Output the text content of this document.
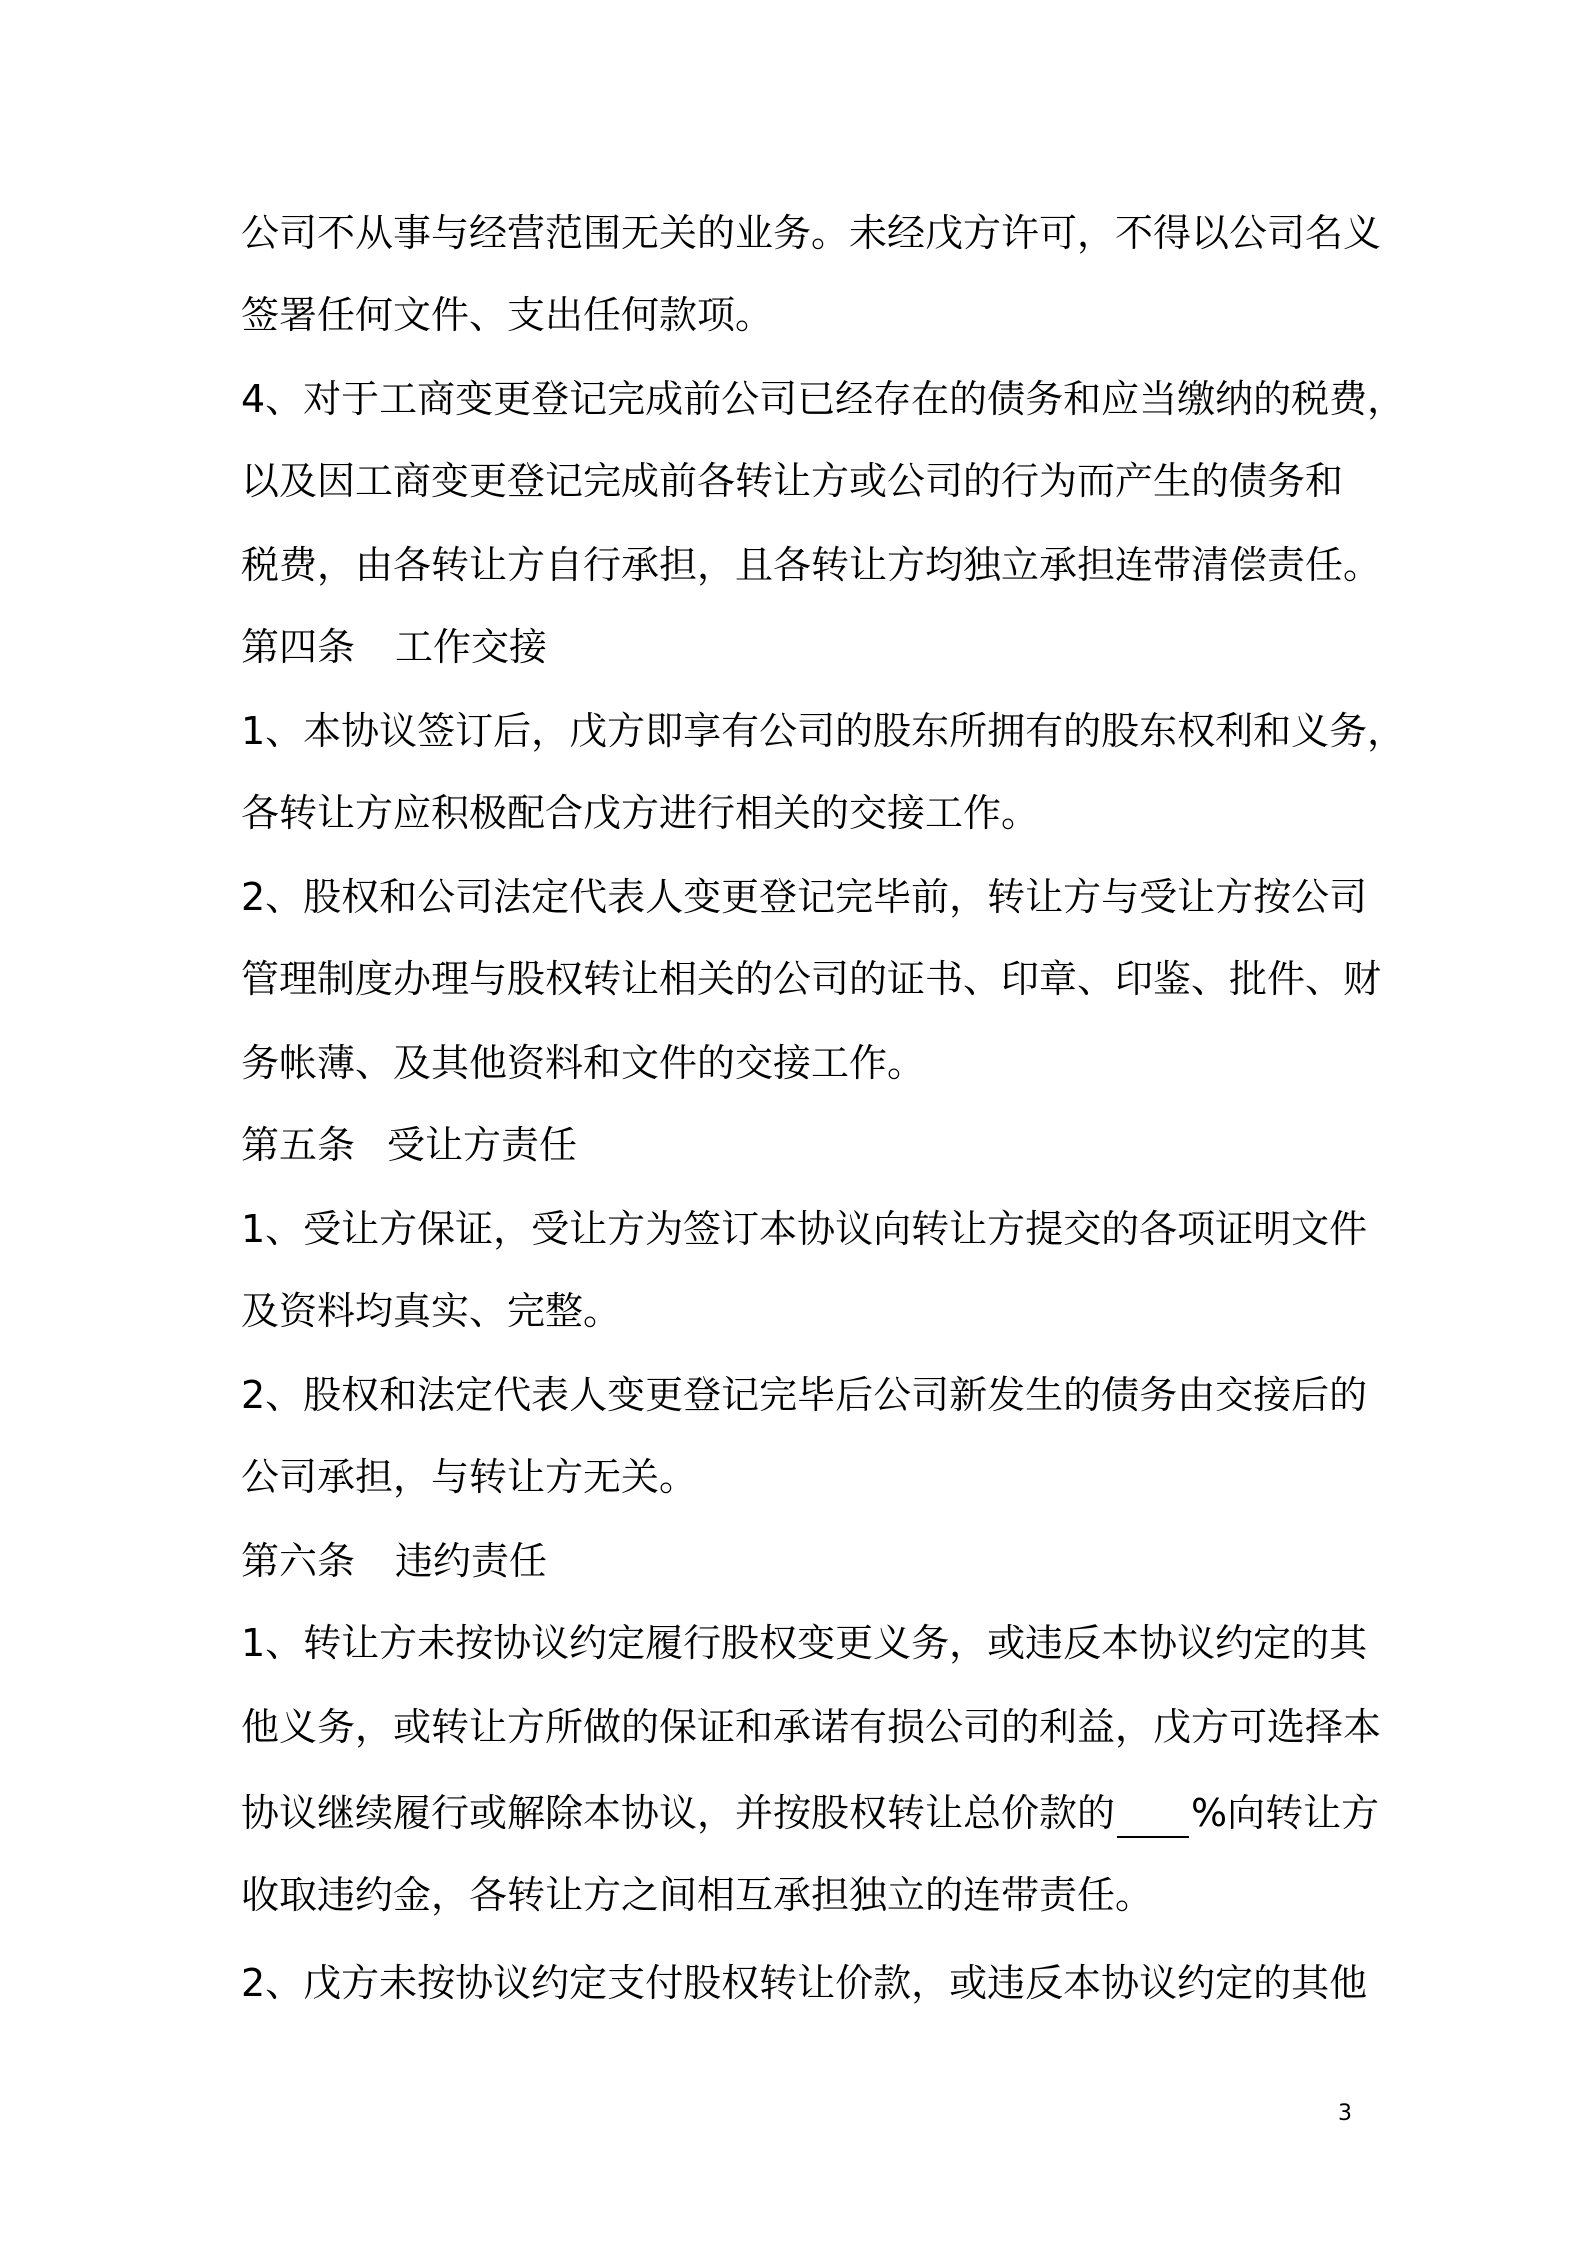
公司不从事与经营范围无关的业务。未经戊方许可，不得以公司名义
签署任何文件、支出任何款项。
4、对于工商变更登记完成前公司已经存在的债务和应当缴纳的税费，
以及因工商变更登记完成前各转让方或公司的行为而产生的债务和
税费，由各转让方自行承担，且各转让方均独立承担连带清偿责任。
第四条 工作交接
1、本协议签订后，戊方即享有公司的股东所拥有的股东权利和义务，
各转让方应积极配合戊方进行相关的交接工作。
2、股权和公司法定代表人变更登记完毕前，转让方与受让方按公司
管理制度办理与股权转让相关的公司的证书、印章、印鉴、批件、财
务帐薄、及其他资料和文件的交接工作。
第五条 受让方责任
1、受让方保证，受让方为签订本协议向转让方提交的各项证明文件
及资料均真实、完整。
2、股权和法定代表人变更登记完毕后公司新发生的债务由交接后的
公司承担，与转让方无关。
第六条 违约责任
1、转让方未按协议约定履行股权变更义务，或违反本协议约定的其
他义务，或转让方所做的保证和承诺有损公司的利益，戊方可选择本
协议继续履行或解除本协议，并按股权转让总价款的 %向转让方
收取违约金，各转让方之间相互承担独立的连带责任。
2、戊方未按协议约定支付股权转让价款，或违反本协议约定的其他
3
